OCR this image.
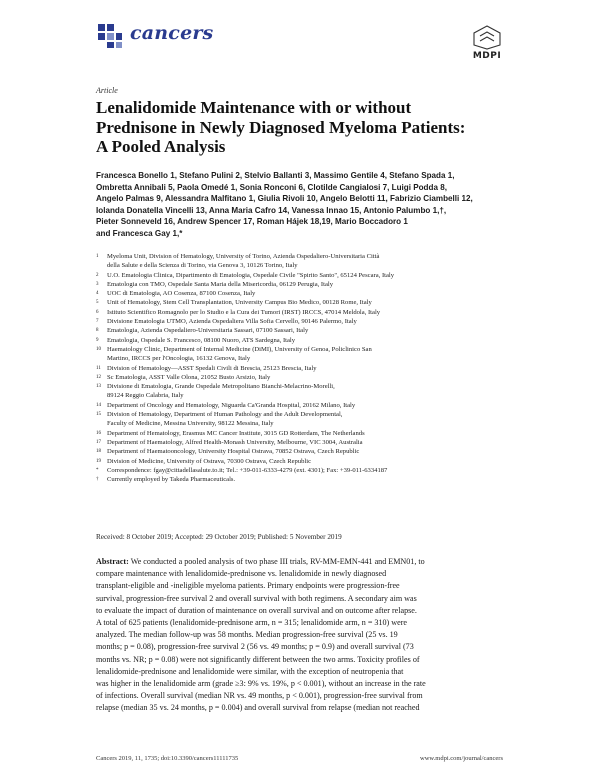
cancers
MDPI
Article
Lenalidomide Maintenance with or without
Prednisone in Newly Diagnosed Myeloma Patients:
A Pooled Analysis
Francesca Bonello 1, Stefano Pulini 2, Stelvio Ballanti 3, Massimo Gentile 4, Stefano Spada 1,
Ombretta Annibali 5, Paola Omedé 1, Sonia Ronconi 6, Clotilde Cangialosi 7, Luigi Podda 8,
Angelo Palmas 9, Alessandra Malfitano 1, Giulia Rivoli 10, Angelo Belotti 11, Fabrizio Ciambelli 12,
Iolanda Donatella Vincelli 13, Anna Maria Cafro 14, Vanessa Innao 15, Antonio Palumbo 1,†,
Pieter Sonneveld 16, Andrew Spencer 17, Roman Hájek 18,19, Mario Boccadoro 1
and Francesca Gay 1,*
1	Myeloma Unit, Division of Hematology, University of Torino, Azienda Ospedaliero-Universitaria Città
della Salute e della Scienza di Torino, via Genova 3, 10126 Torino, Italy
2	U.O. Ematologia Clinica, Dipartimento di Ematologia, Ospedale Civile "Spirito Santo", 65124 Pescara, Italy
3	Ematologia con TMO, Ospedale Santa Maria della Misericordia, 06129 Perugia, Italy
4	UOC di Ematologia, AO Cosenza, 87100 Cosenza, Italy
5	Unit of Hematology, Stem Cell Transplantation, University Campus Bio Medico, 00128 Rome, Italy
6	Istituto Scientifico Romagnolo per lo Studio e la Cura dei Tumori (IRST) IRCCS, 47014 Meldola, Italy
7	Divisione Ematologia UTMO, Azienda Ospedaliera Villa Sofia Cervello, 90146 Palermo, Italy
8	Ematologia, Azienda Ospedaliero-Universitaria Sassari, 07100 Sassari, Italy
9	Ematologia, Ospedale S. Francesco, 08100 Nuoro, ATS Sardegna, Italy
10 Haematology Clinic, Department of Internal Medicine (DiMI), University of Genoa, Policlinico San
Martino, IRCCS per l'Oncologia, 16132 Genova, Italy
11 Division of Hematology—ASST Spedali Civili di Brescia, 25123 Brescia, Italy
12 Sc Ematologia, ASST Valle Olona, 21052 Busto Arsizio, Italy
13 Divisione di Ematologia, Grande Ospedale Metropolitano Bianchi-Melacrino-Morelli,
89124 Reggio Calabria, Italy
14 Department of Oncology and Hematology, Niguarda Ca'Granda Hospital, 20162 Milano, Italy
15 Division of Hematology, Department of Human Pathology and the Adult Developmental,
Faculty of Medicine, Messina University, 98122 Messina, Italy
16 Department of Hematology, Erasmus MC Cancer Institute, 3015 GD Rotterdam, The Netherlands
17 Department of Haematology, Alfred Health-Monash University, Melbourne, VIC 3004, Australia
18 Department of Haematooncology, University Hospital Ostrava, 70852 Ostrava, Czech Republic
19 Division of Medicine, University of Ostrava, 70300 Ostrava, Czech Republic
*	Correspondence: fgay@cittadellasalute.to.it; Tel.: +39-011-6333-4279 (ext. 4301); Fax: +39-011-6334187
†	Currently employed by Takeda Pharmaceuticals.
Received: 8 October 2019; Accepted: 29 October 2019; Published: 5 November 2019
Abstract: We conducted a pooled analysis of two phase III trials, RV-MM-EMN-441 and EMN01, to
compare maintenance with lenalidomide-prednisone vs. lenalidomide in newly diagnosed
transplant-eligible and -ineligible myeloma patients. Primary endpoints were progression-free
survival, progression-free survival 2 and overall survival with both regimens. A secondary aim was
to evaluate the impact of duration of maintenance on overall survival and on outcome after relapse.
A total of 625 patients (lenalidomide-prednisone arm, n = 315; lenalidomide arm, n = 310) were
analyzed. The median follow-up was 58 months. Median progression-free survival (25 vs. 19
months; p = 0.08), progression-free survival 2 (56 vs. 49 months; p = 0.9) and overall survival (73
months vs. NR; p = 0.08) were not significantly different between the two arms. Toxicity profiles of
lenalidomide-prednisone and lenalidomide were similar, with the exception of neutropenia that
was higher in the lenalidomide arm (grade ≥3: 9% vs. 19%, p < 0.001), without an increase in the rate
of infections. Overall survival (median NR vs. 49 months, p < 0.001), progression-free survival from
relapse (median 35 vs. 24 months, p = 0.004) and overall survival from relapse (median not reached
Cancers 2019, 11, 1735; doi:10.3390/cancers11111735	www.mdpi.com/journal/cancers
